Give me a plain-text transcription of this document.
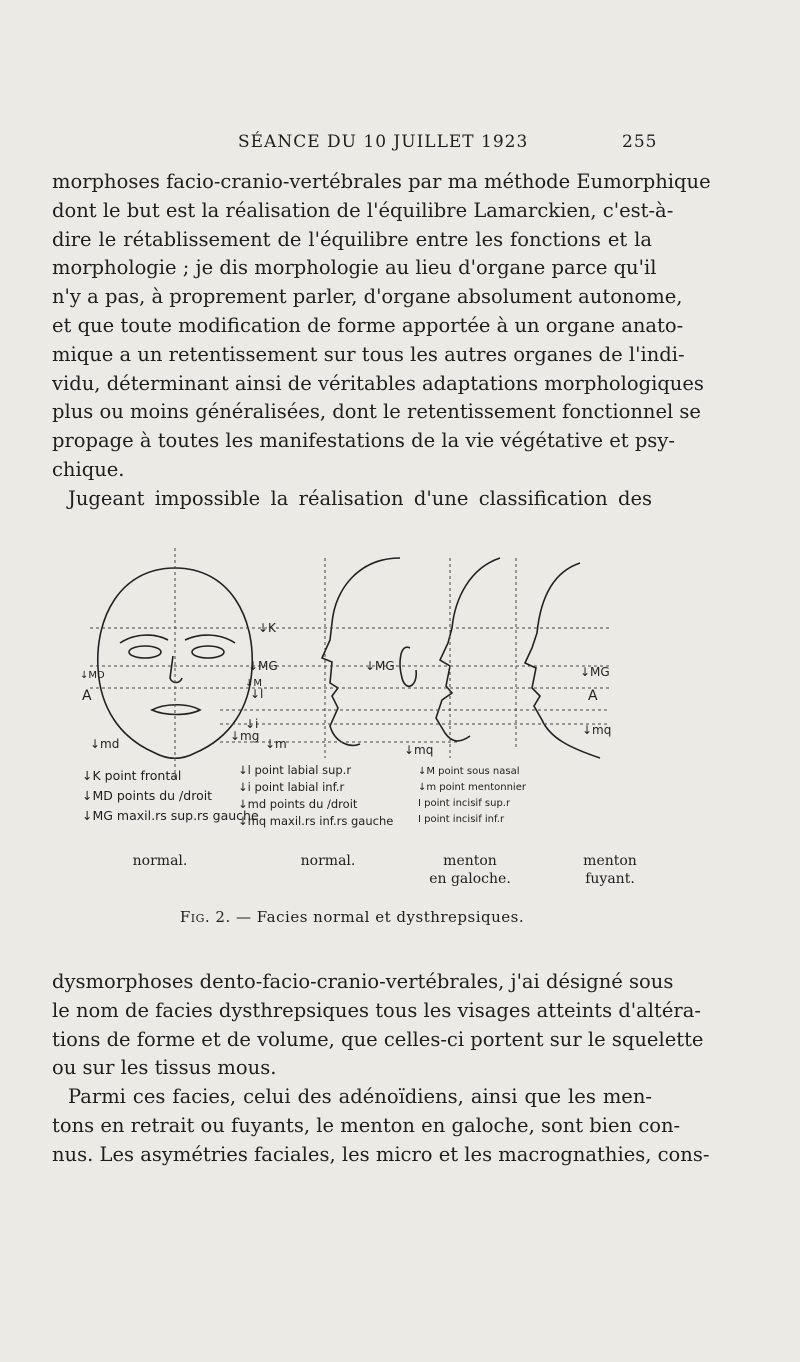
SÉANCE DU 10 JUILLET 1923	255
morphoses facio-cranio-vertébrales par ma méthode Eumorphique
dont le but est la réalisation de l'équilibre Lamarckien, c'est-à-
dire le rétablissement de l'équilibre entre les fonctions et la
morphologie ; je dis morphologie au lieu d'organe parce qu'il
n'y a pas, à proprement parler, d'organe absolument autonome,
et que toute modification de forme apportée à un organe anato-
mique a un retentissement sur tous les autres organes de l'indi-
vidu, déterminant ainsi de véritables adaptations morphologiques
plus ou moins généralisées, dont le retentissement fonctionnel se
propage à toutes les manifestations de la vie végétative et psy-
chique.
Jugeant impossible la réalisation d'une classification des
↓K
↓MD
↓MG
A
↓md
↓mg
↓l
↓i
↓m
↓MG
↓M
↓mq
↓mq
↓MG
A
↓K point frontal
↓MD points du /droit
↓MG maxil.rs sup.rs gauche
↓l point labial sup.r
↓i point labial inf.r
↓md points du /droit
↓mq maxil.rs inf.rs gauche
↓M point sous nasal
↓m point mentonnier
I point incisif sup.r
I point incisif inf.r
normal.	normal.	menton
en galoche.
menton
fuyant.
Fig. 2. — Facies normal et dysthrepsiques.
dysmorphoses dento-facio-cranio-vertébrales, j'ai désigné sous
le nom de facies dysthrepsiques tous les visages atteints d'altéra-
tions de forme et de volume, que celles-ci portent sur le squelette
ou sur les tissus mous.
Parmi ces facies, celui des adénoïdiens, ainsi que les men-
tons en retrait ou fuyants, le menton en galoche, sont bien con-
nus. Les asymétries faciales, les micro et les macrognathies, cons-
